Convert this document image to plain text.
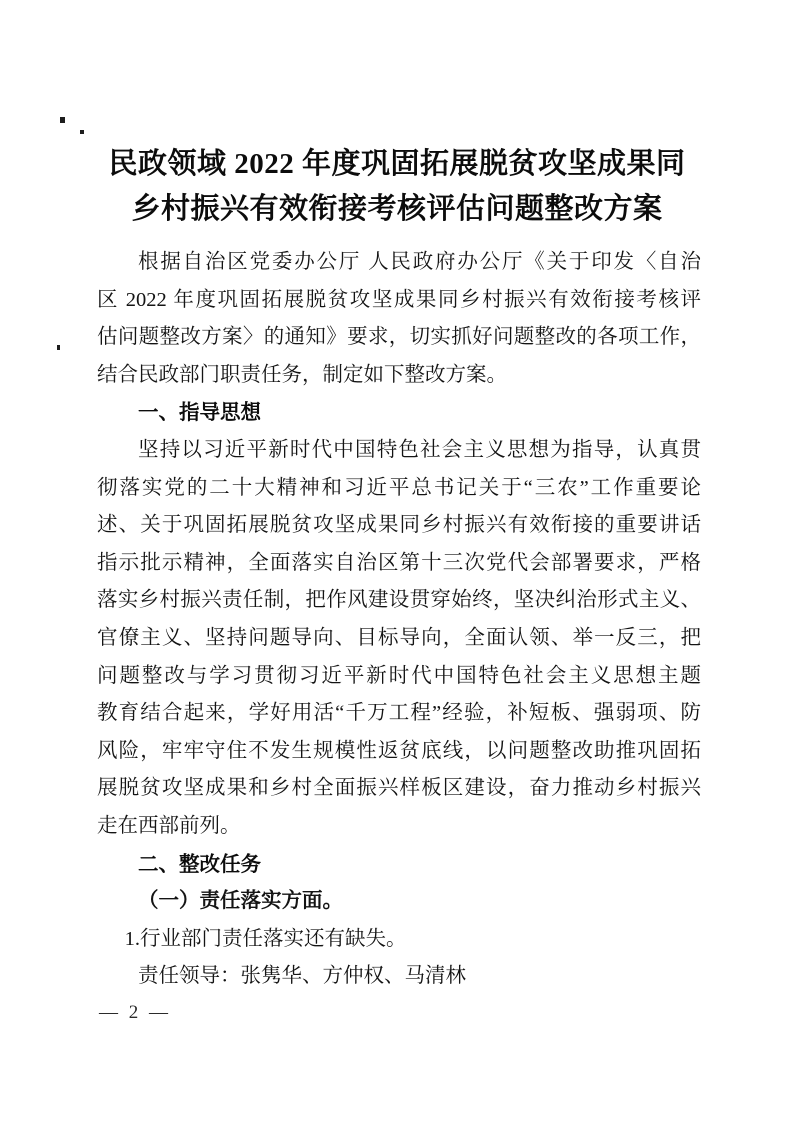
民政领域 2022 年度巩固拓展脱贫攻坚成果同
乡村振兴有效衔接考核评估问题整改方案
根据自治区党委办公厅 人民政府办公厅《关于印发〈自治
区 2022 年度巩固拓展脱贫攻坚成果同乡村振兴有效衔接考核评
估问题整改方案〉的通知》要求，切实抓好问题整改的各项工作，
结合民政部门职责任务，制定如下整改方案。
一、指导思想
坚持以习近平新时代中国特色社会主义思想为指导，认真贯
彻落实党的二十大精神和习近平总书记关于“三农”工作重要论
述、关于巩固拓展脱贫攻坚成果同乡村振兴有效衔接的重要讲话
指示批示精神，全面落实自治区第十三次党代会部署要求，严格
落实乡村振兴责任制，把作风建设贯穿始终，坚决纠治形式主义、
官僚主义、坚持问题导向、目标导向，全面认领、举一反三，把
问题整改与学习贯彻习近平新时代中国特色社会主义思想主题
教育结合起来，学好用活“千万工程”经验，补短板、强弱项、防
风险，牢牢守住不发生规模性返贫底线，以问题整改助推巩固拓
展脱贫攻坚成果和乡村全面振兴样板区建设，奋力推动乡村振兴
走在西部前列。
二、整改任务
（一）责任落实方面。
1.行业部门责任落实还有缺失。
责任领导：张隽华、方仲权、马清林
— 2 —
